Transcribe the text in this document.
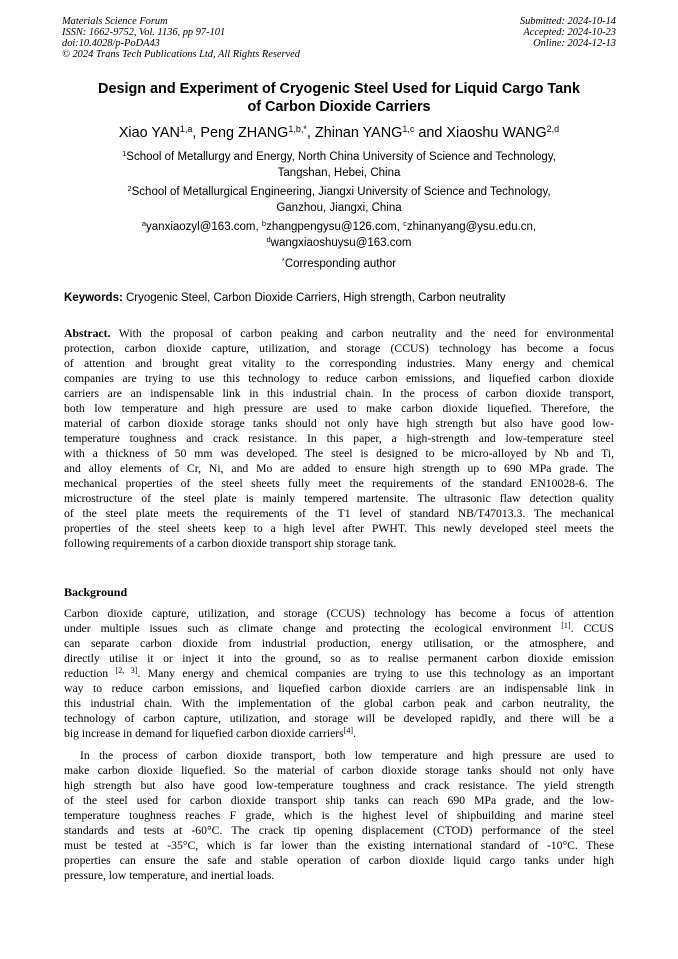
Materials Science Forum
ISSN: 1662-9752, Vol. 1136, pp 97-101
doi:10.4028/p-PoDA43
© 2024 Trans Tech Publications Ltd, All Rights Reserved
Submitted: 2024-10-14
Accepted: 2024-10-23
Online: 2024-12-13
Design and Experiment of Cryogenic Steel Used for Liquid Cargo Tank
of Carbon Dioxide Carriers
Xiao YAN$^{1,a}$, Peng $ZHANG^{1,b,*}$, Zhinan YANG$^{1,c}$ and Xiaoshu WANG$^{2,d}$
$^1$School of Metallurgy and Energy, North China University of Science and Technology,
Tangshan, Hebei, China
$^2$School of Metallurgical Engineering, Jiangxi University of Science and Technology,
Ganzhou, Jiangxi, China
$^a$yanxiaozyl@163.com, $^b$zhangpengysu@126.com, $^c$zhinanyang@ysu.edu.cn,
$^d$wangxiaoshuysu@163.com
*Corresponding author
Keywords: Cryogenic Steel, Carbon Dioxide Carriers, High strength, Carbon neutrality
Abstract. With the proposal of carbon peaking and carbon neutrality and the need for environmental
protection, carbon dioxide capture, utilization, and storage (CCUS) technology has become a focus
of attention and brought great vitality to the corresponding industries. Many energy and chemical
companies are trying to use this technology to reduce carbon emissions, and liquefied carbon dioxide
carriers are an indispensable link in this industrial chain. In the process of carbon dioxide transport,
both low temperature and high pressure are used to make carbon dioxide liquefied. Therefore, the
material of carbon dioxide storage tanks should not only have high strength but also have good low-
temperature toughness and crack resistance. In this paper, a high-strength and low-temperature steel
with a thickness of 50 mm was developed. The steel is designed to be micro-alloyed by Nb and Ti,
and alloy elements of Cr, Ni, and Mo are added to ensure high strength up to 690 MPa grade. The
mechanical properties of the steel sheets fully meet the requirements of the standard EN10028-6. The
microstructure of the steel plate is mainly tempered martensite. The ultrasonic flaw detection quality
of the steel plate meets the requirements of the T1 level of standard NB/T47013.3. The mechanical
properties of the steel sheets keep to a high level after PWHT. This newly developed steel meets the
following requirements of a carbon dioxide transport ship storage tank.
Background
Carbon dioxide capture, utilization, and storage (CCUS) technology has become a focus of attention
under multiple issues such as climate change and protecting the ecological environment [1]. CCUS
can separate carbon dioxide from industrial production, energy utilisation, or the atmosphere, and
directly utilise it or inject it into the ground, so as to realise permanent carbon dioxide emission
reduction [2, 3]. Many energy and chemical companies are trying to use this technology as an important
way to reduce carbon emissions, and liquefied carbon dioxide carriers are an indispensable link in
this industrial chain. With the implementation of the global carbon peak and carbon neutrality, the
technology of carbon capture, utilization, and storage will be developed rapidly, and there will be a
big increase in demand for liquefied carbon dioxide carriers[4].
In the process of carbon dioxide transport, both low temperature and high pressure are used to
make carbon dioxide liquefied. So the material of carbon dioxide storage tanks should not only have
high strength but also have good low-temperature toughness and crack resistance. The yield strength
of the steel used for carbon dioxide transport ship tanks can reach 690 MPa grade, and the low-
temperature toughness reaches F grade, which is the highest level of shipbuilding and marine steel
standards and tests at -60°C. The crack tip opening displacement (CTOD) performance of the steel
must be tested at -35°C, which is far lower than the existing international standard of -10°C. These
properties can ensure the safe and stable operation of carbon dioxide liquid cargo tanks under high
pressure, low temperature, and inertial loads.
